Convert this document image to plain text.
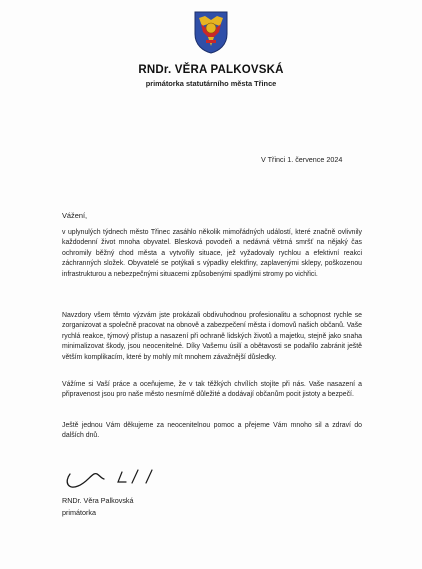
RNDr. VĚRA PALKOVSKÁ
primátorka statutárního města Třince
V Třinci 1. července 2024
Vážení,
v uplynulých týdnech město Třinec zasáhlo několik mimořádných událostí, které značně ovlivnily každodenní život mnoha obyvatel. Blesková povodeň a nedávná větrná smršť na nějaký čas ochromily běžný chod města a vytvořily situace, jež vyžadovaly rychlou a efektivní reakci záchranných složek. Obyvatelé se potýkali s výpadky elektřiny, zaplavenými sklepy, poškozenou infrastrukturou a nebezpečnými situacemi způsobenými spadlými stromy po vichřici.
Navzdory všem těmto výzvám jste prokázali obdivuhodnou profesionalitu a schopnost rychle se zorganizovat a společně pracovat na obnově a zabezpečení města i domovů našich občanů. Vaše rychlá reakce, týmový přístup a nasazení při ochraně lidských životů a majetku, stejně jako snaha minimalizovat škody, jsou neocenitelné. Díky Vašemu úsilí a obětavosti se podařilo zabránit ještě větším komplikacím, které by mohly mít mnohem závažnější důsledky.
Vážíme si Vaší práce a oceňujeme, že v tak těžkých chvílích stojíte při nás. Vaše nasazení a připravenost jsou pro naše město nesmírně důležité a dodávají občanům pocit jistoty a bezpečí.
Ještě jednou Vám děkujeme za neocenitelnou pomoc a přejeme Vám mnoho sil a zdraví do dalších dnů.
RNDr. Věra Palkovská
primátorka
